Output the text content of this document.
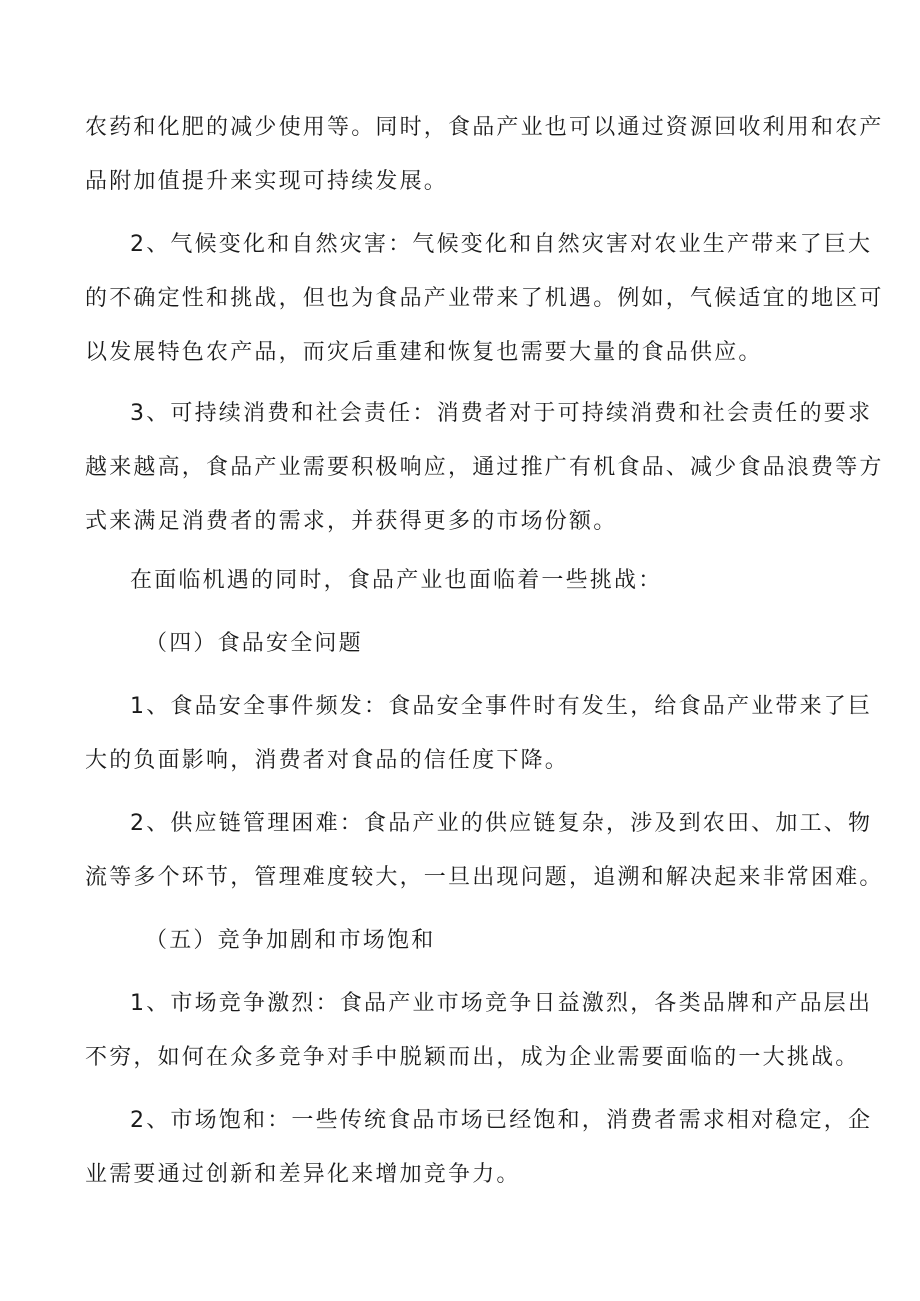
农药和化肥的减少使用等。同时，食品产业也可以通过资源回收利用和农产
品附加值提升来实现可持续发展。
2、气候变化和自然灾害：气候变化和自然灾害对农业生产带来了巨大
的不确定性和挑战，但也为食品产业带来了机遇。例如，气候适宜的地区可
以发展特色农产品，而灾后重建和恢复也需要大量的食品供应。
3、可持续消费和社会责任：消费者对于可持续消费和社会责任的要求
越来越高，食品产业需要积极响应，通过推广有机食品、减少食品浪费等方
式来满足消费者的需求，并获得更多的市场份额。
在面临机遇的同时，食品产业也面临着一些挑战：
（四）食品安全问题
1、食品安全事件频发：食品安全事件时有发生，给食品产业带来了巨
大的负面影响，消费者对食品的信任度下降。
2、供应链管理困难：食品产业的供应链复杂，涉及到农田、加工、物
流等多个环节，管理难度较大，一旦出现问题，追溯和解决起来非常困难。
（五）竞争加剧和市场饱和
1、市场竞争激烈：食品产业市场竞争日益激烈，各类品牌和产品层出
不穷，如何在众多竞争对手中脱颖而出，成为企业需要面临的一大挑战。
2、市场饱和：一些传统食品市场已经饱和，消费者需求相对稳定，企
业需要通过创新和差异化来增加竞争力。
